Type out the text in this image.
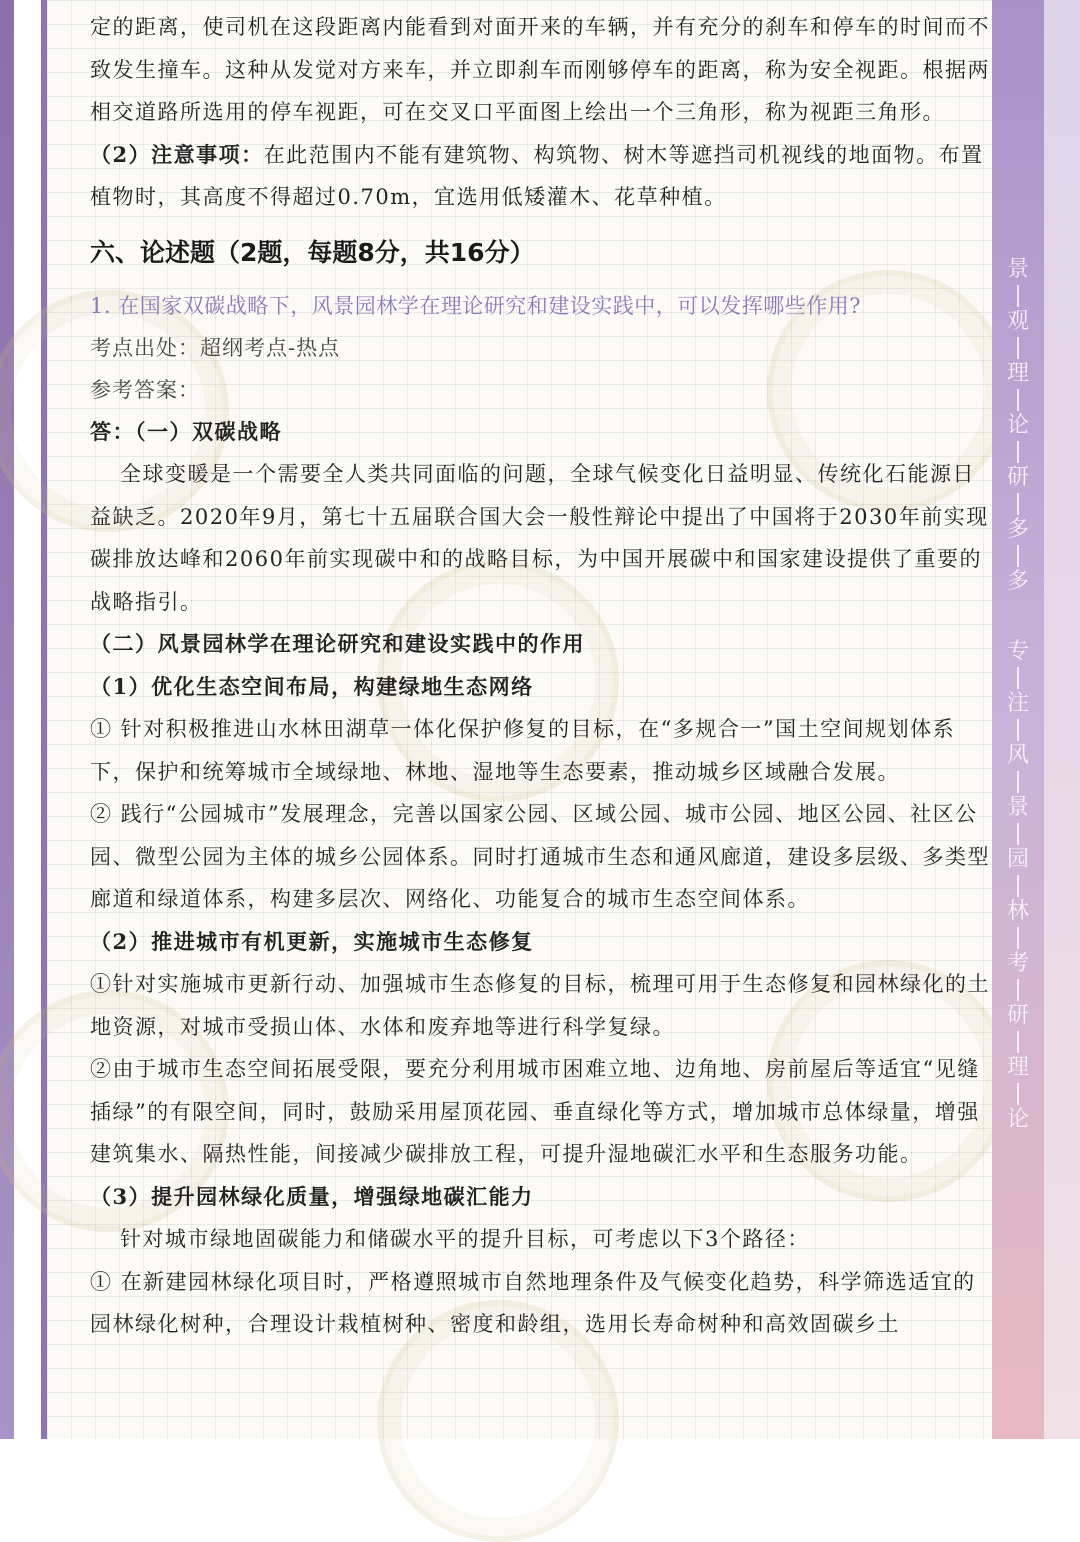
景
观
理
论
研
多
多
专
注
风
景
园
林
考
研
理
论

定的距离，使司机在这段距离内能看到对面开来的车辆，并有充分的刹车和停车的时间而不致发生撞车。这种从发觉对方来车，并立即刹车而刚够停车的距离，称为安全视距。根据两相交道路所选用的停车视距，可在交叉口平面图上绘出一个三角形，称为视距三角形。

（2）注意事项：在此范围内不能有建筑物、构筑物、树木等遮挡司机视线的地面物。布置植物时，其高度不得超过0.70m，宜选用低矮灌木、花草种植。

六、论述题（2题，每题8分，共16分）
1. 在国家双碳战略下，风景园林学在理论研究和建设实践中，可以发挥哪些作用?
考点出处：超纲考点-热点
参考答案：

答：（一）双碳战略

全球变暖是一个需要全人类共同面临的问题，全球气候变化日益明显、传统化石能源日益缺乏。2020年9月，第七十五届联合国大会一般性辩论中提出了中国将于2030年前实现碳排放达峰和2060年前实现碳中和的战略目标，为中国开展碳中和国家建设提供了重要的战略指引。

（二）风景园林学在理论研究和建设实践中的作用

（1）优化生态空间布局，构建绿地生态网络

① 针对积极推进山水林田湖草一体化保护修复的目标，在“多规合一”国土空间规划体系下，保护和统筹城市全域绿地、林地、湿地等生态要素，推动城乡区域融合发展。

② 践行“公园城市”发展理念，完善以国家公园、区域公园、城市公园、地区公园、社区公园、微型公园为主体的城乡公园体系。同时打通城市生态和通风廊道，建设多层级、多类型廊道和绿道体系，构建多层次、网络化、功能复合的城市生态空间体系。

（2）推进城市有机更新，实施城市生态修复

①针对实施城市更新行动、加强城市生态修复的目标，梳理可用于生态修复和园林绿化的土地资源，对城市受损山体、水体和废弃地等进行科学复绿。

②由于城市生态空间拓展受限，要充分利用城市困难立地、边角地、房前屋后等适宜“见缝插绿”的有限空间，同时，鼓励采用屋顶花园、垂直绿化等方式，增加城市总体绿量，增强建筑集水、隔热性能，间接减少碳排放工程，可提升湿地碳汇水平和生态服务功能。

（3）提升园林绿化质量，增强绿地碳汇能力

针对城市绿地固碳能力和储碳水平的提升目标，可考虑以下3个路径：

① 在新建园林绿化项目时，严格遵照城市自然地理条件及气候变化趋势，科学筛选适宜的园林绿化树种，合理设计栽植树种、密度和龄组，选用长寿命树种和高效固碳乡土
